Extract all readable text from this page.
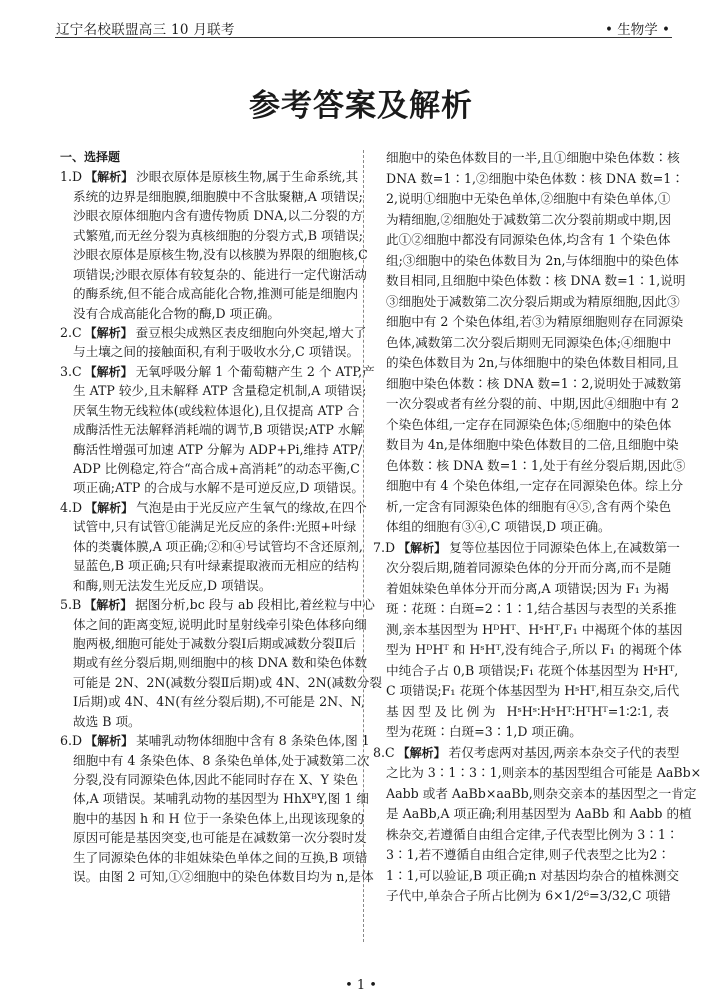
辽宁名校联盟高三 10 月联考	• 生物学 •
参考答案及解析
一、选择题
1.D 【解析】 沙眼衣原体是原核生物,属于生命系统,其
系统的边界是细胞膜,细胞膜中不含肽聚糖,A 项错误;
沙眼衣原体细胞内含有遗传物质 DNA,以二分裂的方
式繁殖,而无丝分裂为真核细胞的分裂方式,B 项错误;
沙眼衣原体是原核生物,没有以核膜为界限的细胞核,C
项错误;沙眼衣原体有较复杂的、能进行一定代谢活动
的酶系统,但不能合成高能化合物,推测可能是细胞内
没有合成高能化合物的酶,D 项正确。
2.C 【解析】 蚕豆根尖成熟区表皮细胞向外突起,增大了
与土壤之间的接触面积,有利于吸收水分,C 项错误。
3.C 【解析】 无氧呼吸分解 1 个葡萄糖产生 2 个 ATP,产
生 ATP 较少,且未解释 ATP 含量稳定机制,A 项错误;
厌氧生物无线粒体(或线粒体退化),且仅提高 ATP 合
成酶活性无法解释消耗端的调节,B 项错误;ATP 水解
酶活性增强可加速 ATP 分解为 ADP+Pi,维持 ATP/
ADP 比例稳定,符合“高合成+高消耗”的动态平衡,C
项正确;ATP 的合成与水解不是可逆反应,D 项错误。
4.D 【解析】 气泡是由于光反应产生氧气的缘故,在四个
试管中,只有试管①能满足光反应的条件:光照+叶绿
体的类囊体膜,A 项正确;②和④号试管均不含还原剂,
显蓝色,B 项正确;只有叶绿素提取液而无相应的结构
和酶,则无法发生光反应,D 项错误。
5.B 【解析】 据图分析,bc 段与 ab 段相比,着丝粒与中心
体之间的距离变短,说明此时星射线牵引染色体移向细
胞两极,细胞可能处于减数分裂Ⅰ后期或减数分裂Ⅱ后
期或有丝分裂后期,则细胞中的核 DNA 数和染色体数
可能是 2N、2N(减数分裂Ⅱ后期)或 4N、2N(减数分裂
Ⅰ后期)或 4N、4N(有丝分裂后期),不可能是 2N、N,
故选 B 项。
6.D 【解析】 某哺乳动物体细胞中含有 8 条染色体,图 1
细胞中有 4 条染色体、8 条染色单体,处于减数第二次
分裂,没有同源染色体,因此不能同时存在 X、Y 染色
体,A 项错误。某哺乳动物的基因型为 HhXᴮY,图 1 细
胞中的基因 h 和 H 位于一条染色体上,出现该现象的
原因可能是基因突变,也可能是在减数第一次分裂时发
生了同源染色体的非姐妹染色单体之间的互换,B 项错
误。由图 2 可知,①②细胞中的染色体数目均为 n,是体
细胞中的染色体数目的一半,且①细胞中染色体数∶核
DNA 数=1∶1,②细胞中染色体数∶核 DNA 数=1∶
2,说明①细胞中无染色单体,②细胞中有染色单体,①
为精细胞,②细胞处于减数第二次分裂前期或中期,因
此①②细胞中都没有同源染色体,均含有 1 个染色体
组;③细胞中的染色体数目为 2n,与体细胞中的染色体
数目相同,且细胞中染色体数∶核 DNA 数=1∶1,说明
③细胞处于减数第二次分裂后期或为精原细胞,因此③
细胞中有 2 个染色体组,若③为精原细胞则存在同源染
色体,减数第二次分裂后期则无同源染色体;④细胞中
的染色体数目为 2n,与体细胞中的染色体数目相同,且
细胞中染色体数∶核 DNA 数=1∶2,说明处于减数第
一次分裂或者有丝分裂的前、中期,因此④细胞中有 2
个染色体组,一定存在同源染色体;⑤细胞中的染色体
数目为 4n,是体细胞中染色体数目的二倍,且细胞中染
色体数∶核 DNA 数=1∶1,处于有丝分裂后期,因此⑤
细胞中有 4 个染色体组,一定存在同源染色体。综上分
析,一定含有同源染色体的细胞有④⑤,含有两个染色
体组的细胞有③④,C 项错误,D 项正确。
7.D 【解析】 复等位基因位于同源染色体上,在减数第一
次分裂后期,随着同源染色体的分开而分离,而不是随
着姐妹染色单体分开而分离,A 项错误;因为 F₁ 为褐
斑∶花斑∶白斑=2∶1∶1,结合基因与表型的关系推
测,亲本基因型为 HᴰHᵀ、HˢHᵀ,F₁ 中褐斑个体的基因
型为 HᴰHᵀ 和 HˢHᵀ,没有纯合子,所以 F₁ 的褐斑个体
中纯合子占 0,B 项错误;F₁ 花斑个体基因型为 HˢHᵀ,
C 项错误;F₁ 花斑个体基因型为 HˢHᵀ,相互杂交,后代
基因型及比例为 HˢHˢ∶HˢHᵀ∶HᵀHᵀ=1∶2∶1,表
型为花斑∶白斑=3∶1,D 项正确。
8.C 【解析】 若仅考虑两对基因,两亲本杂交子代的表型
之比为 3∶1∶3∶1,则亲本的基因型组合可能是 AaBb×
Aabb 或者 AaBb×aaBb,则杂交亲本的基因型之一肯定
是 AaBb,A 项正确;利用基因型为 AaBb 和 Aabb 的植
株杂交,若遵循自由组合定律,子代表型比例为 3∶1∶
3∶1,若不遵循自由组合定律,则子代表型之比为2∶
1∶1,可以验证,B 项正确;n 对基因均杂合的植株测交
子代中,单杂合子所占比例为 6×1/2⁶=3/32,C 项错
• 1 •
